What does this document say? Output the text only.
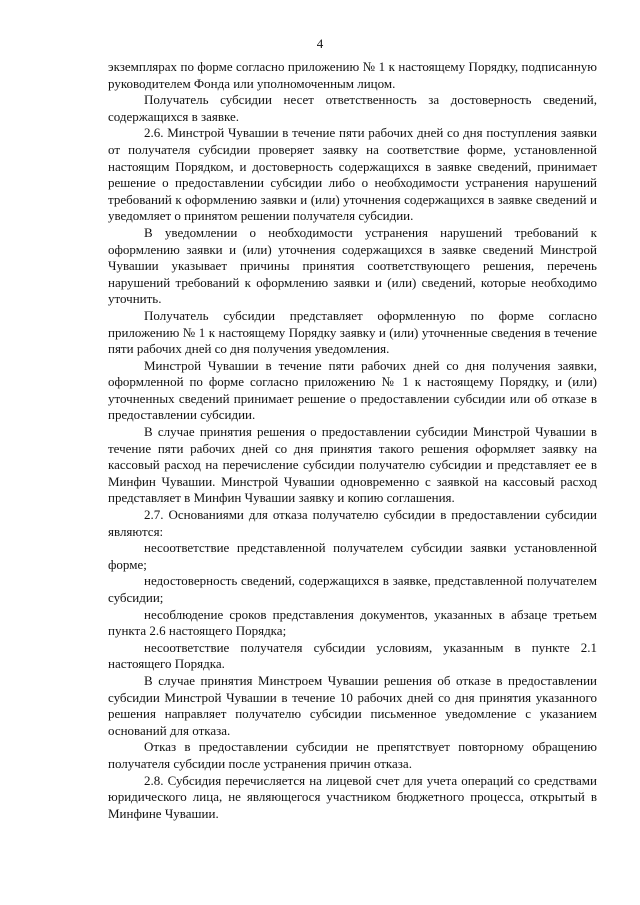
4

экземплярах по форме согласно приложению № 1 к настоящему Порядку, подписанную руководителем Фонда или уполномоченным лицом.

Получатель субсидии несет ответственность за достоверность сведений, содержащихся в заявке.

2.6. Минстрой Чувашии в течение пяти рабочих дней со дня поступления заявки от получателя субсидии проверяет заявку на соответствие форме, установленной настоящим Порядком, и достоверность содержащихся в заявке сведений, принимает решение о предоставлении субсидии либо о необходимости устранения нарушений требований к оформлению заявки и (или) уточнения содержащихся в заявке сведений и уведомляет о принятом решении получателя субсидии.

В уведомлении о необходимости устранения нарушений требований к оформлению заявки и (или) уточнения содержащихся в заявке сведений Минстрой Чувашии указывает причины принятия соответствующего решения, перечень нарушений требований к оформлению заявки и (или) сведений, которые необходимо уточнить.

Получатель субсидии представляет оформленную по форме согласно приложению № 1 к настоящему Порядку заявку и (или) уточненные сведения в течение пяти рабочих дней со дня получения уведомления.

Минстрой Чувашии в течение пяти рабочих дней со дня получения заявки, оформленной по форме согласно приложению № 1 к настоящему Порядку, и (или) уточненных сведений принимает решение о предоставлении субсидии или об отказе в предоставлении субсидии.

В случае принятия решения о предоставлении субсидии Минстрой Чувашии в течение пяти рабочих дней со дня принятия такого решения оформляет заявку на кассовый расход на перечисление субсидии получателю субсидии и представляет ее в Минфин Чувашии. Минстрой Чувашии одновременно с заявкой на кассовый расход представляет в Минфин Чувашии заявку и копию соглашения.

2.7. Основаниями для отказа получателю субсидии в предоставлении субсидии являются:

несоответствие представленной получателем субсидии заявки установленной форме;

недостоверность сведений, содержащихся в заявке, представленной получателем субсидии;

несоблюдение сроков представления документов, указанных в абзаце третьем пункта 2.6 настоящего Порядка;

несоответствие получателя субсидии условиям, указанным в пункте 2.1 настоящего Порядка.

В случае принятия Минстроем Чувашии решения об отказе в предоставлении субсидии Минстрой Чувашии в течение 10 рабочих дней со дня принятия указанного решения направляет получателю субсидии письменное уведомление с указанием оснований для отказа.

Отказ в предоставлении субсидии не препятствует повторному обращению получателя субсидии после устранения причин отказа.

2.8. Субсидия перечисляется на лицевой счет для учета операций со средствами юридического лица, не являющегося участником бюджетного процесса, открытый в Минфине Чувашии.
